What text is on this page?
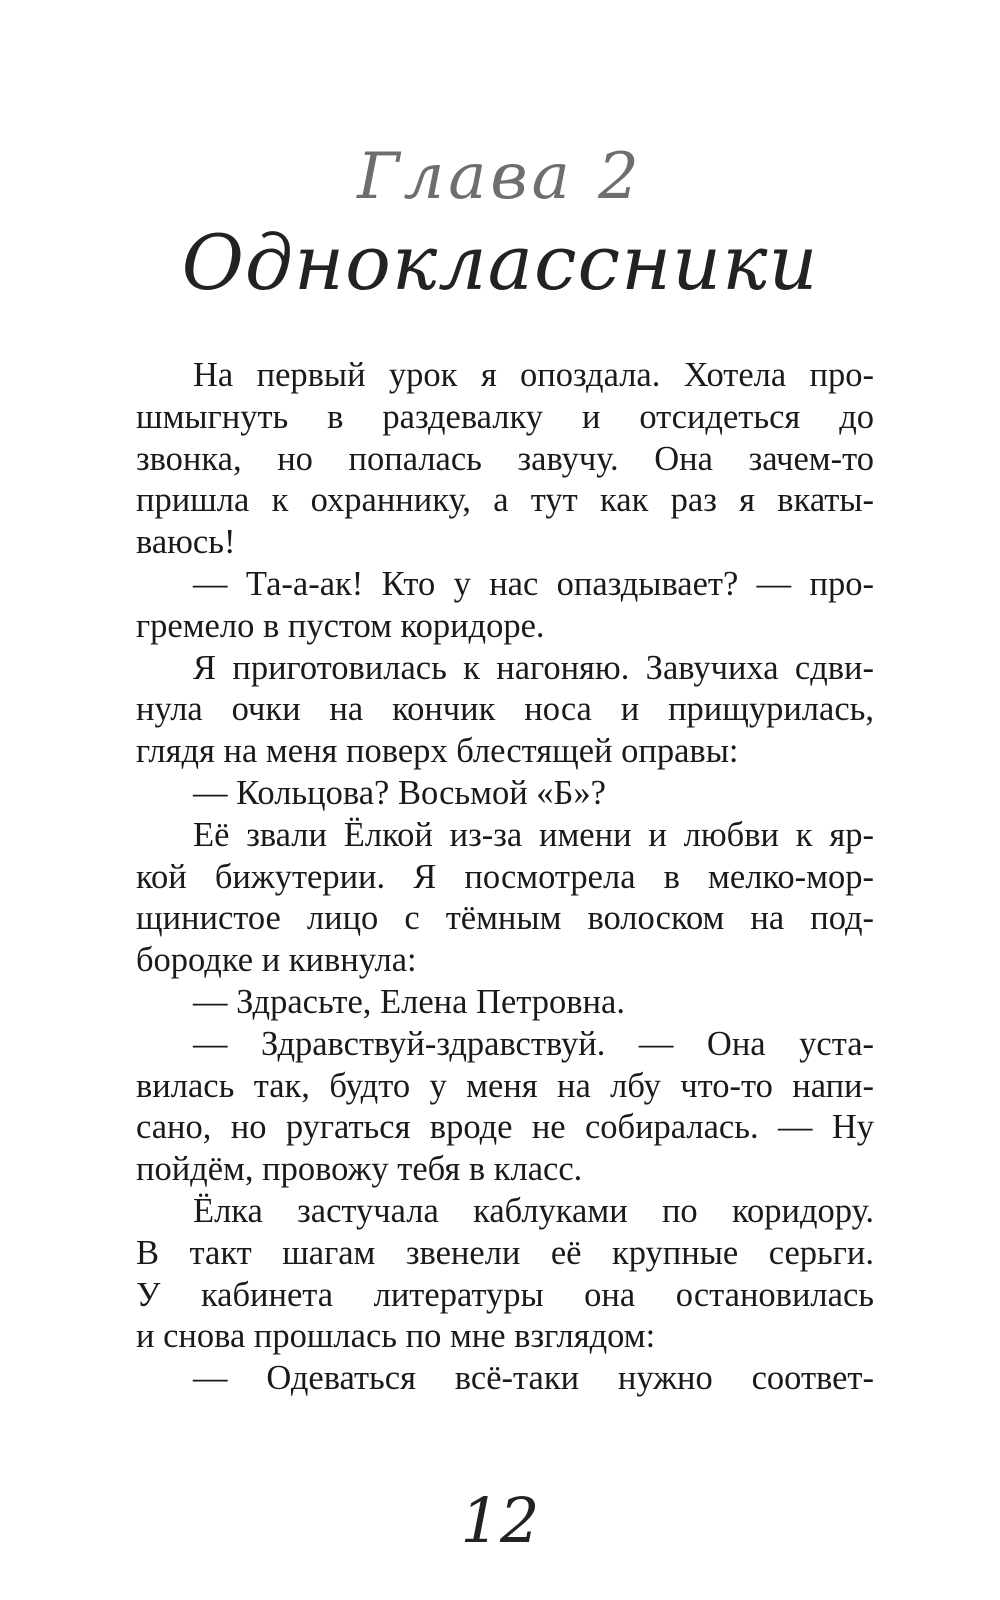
Глава 2
Одноклассники
На первый урок я опоздала. Хотела про-
шмыгнуть в раздевалку и отсидеться до
звонка, но попалась завучу. Она зачем-то
пришла к охраннику, а тут как раз я вкаты-
ваюсь!
— Та-а-ак! Кто у нас опаздывает? — про-
гремело в пустом коридоре.
Я приготовилась к нагоняю. Завучиха сдви-
нула очки на кончик носа и прищурилась,
глядя на меня поверх блестящей оправы:
— Кольцова? Восьмой «Б»?
Её звали Ёлкой из-за имени и любви к яр-
кой бижутерии. Я посмотрела в мелко-мор-
щинистое лицо с тёмным волоском на под-
бородке и кивнула:
— Здрасьте, Елена Петровна.
— Здравствуй-здравствуй. — Она уста-
вилась так, будто у меня на лбу что-то напи-
сано, но ругаться вроде не собиралась. — Ну
пойдём, провожу тебя в класс.
Ёлка застучала каблуками по коридору.
В такт шагам звенели её крупные серьги.
У кабинета литературы она остановилась
и снова прошлась по мне взглядом:
— Одеваться всё-таки нужно соответ-
12
